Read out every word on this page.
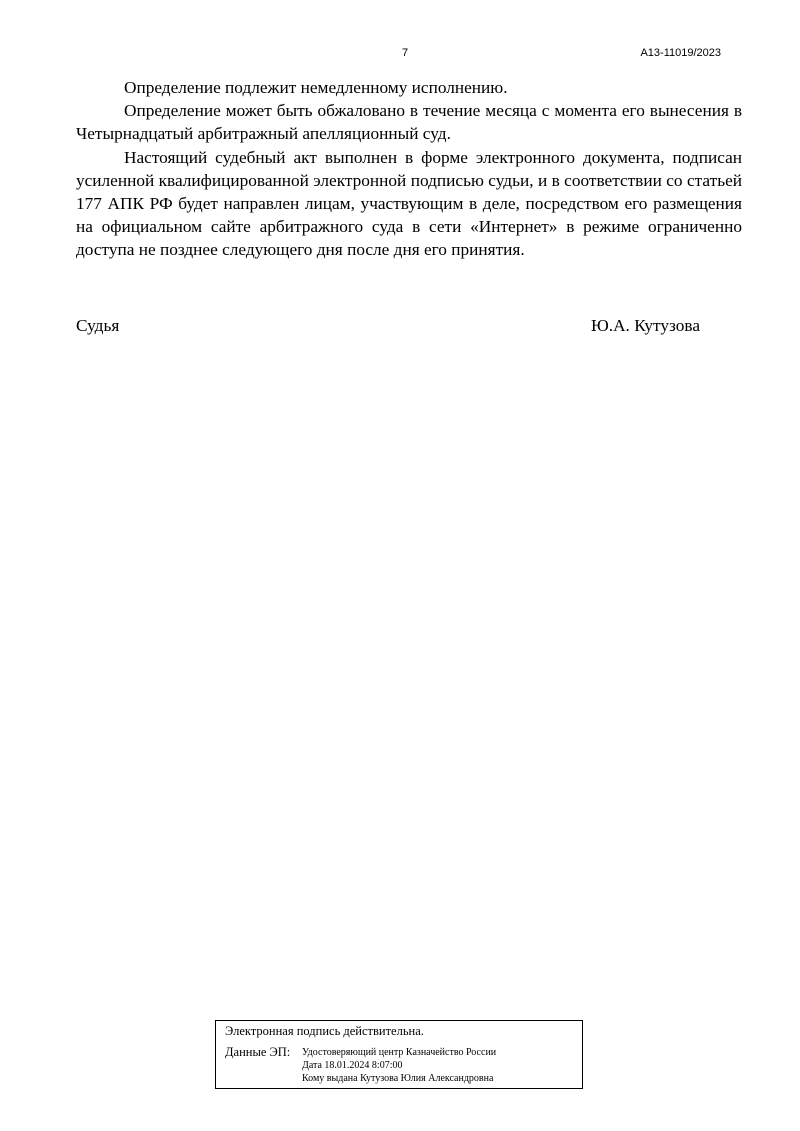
7	А13-11019/2023

Определение подлежит немедленному исполнению.

Определение может быть обжаловано в течение месяца с момента его вынесения в Четырнадцатый арбитражный апелляционный суд.

Настоящий судебный акт выполнен в форме электронного документа, подписан усиленной квалифицированной электронной подписью судьи, и в соответствии со статьей 177 АПК РФ будет направлен лицам, участвующим в деле, посредством его размещения на официальном сайте арбитражного суда в сети «Интернет» в режиме ограниченно доступа не позднее следующего дня после дня его принятия.

Судья	Ю.А. Кутузова
Электронная подпись действительна.
Данные ЭП: Удостоверяющий центр Казначейство России
Дата 18.01.2024 8:07:00
Кому выдана Кутузова Юлия Александровна
